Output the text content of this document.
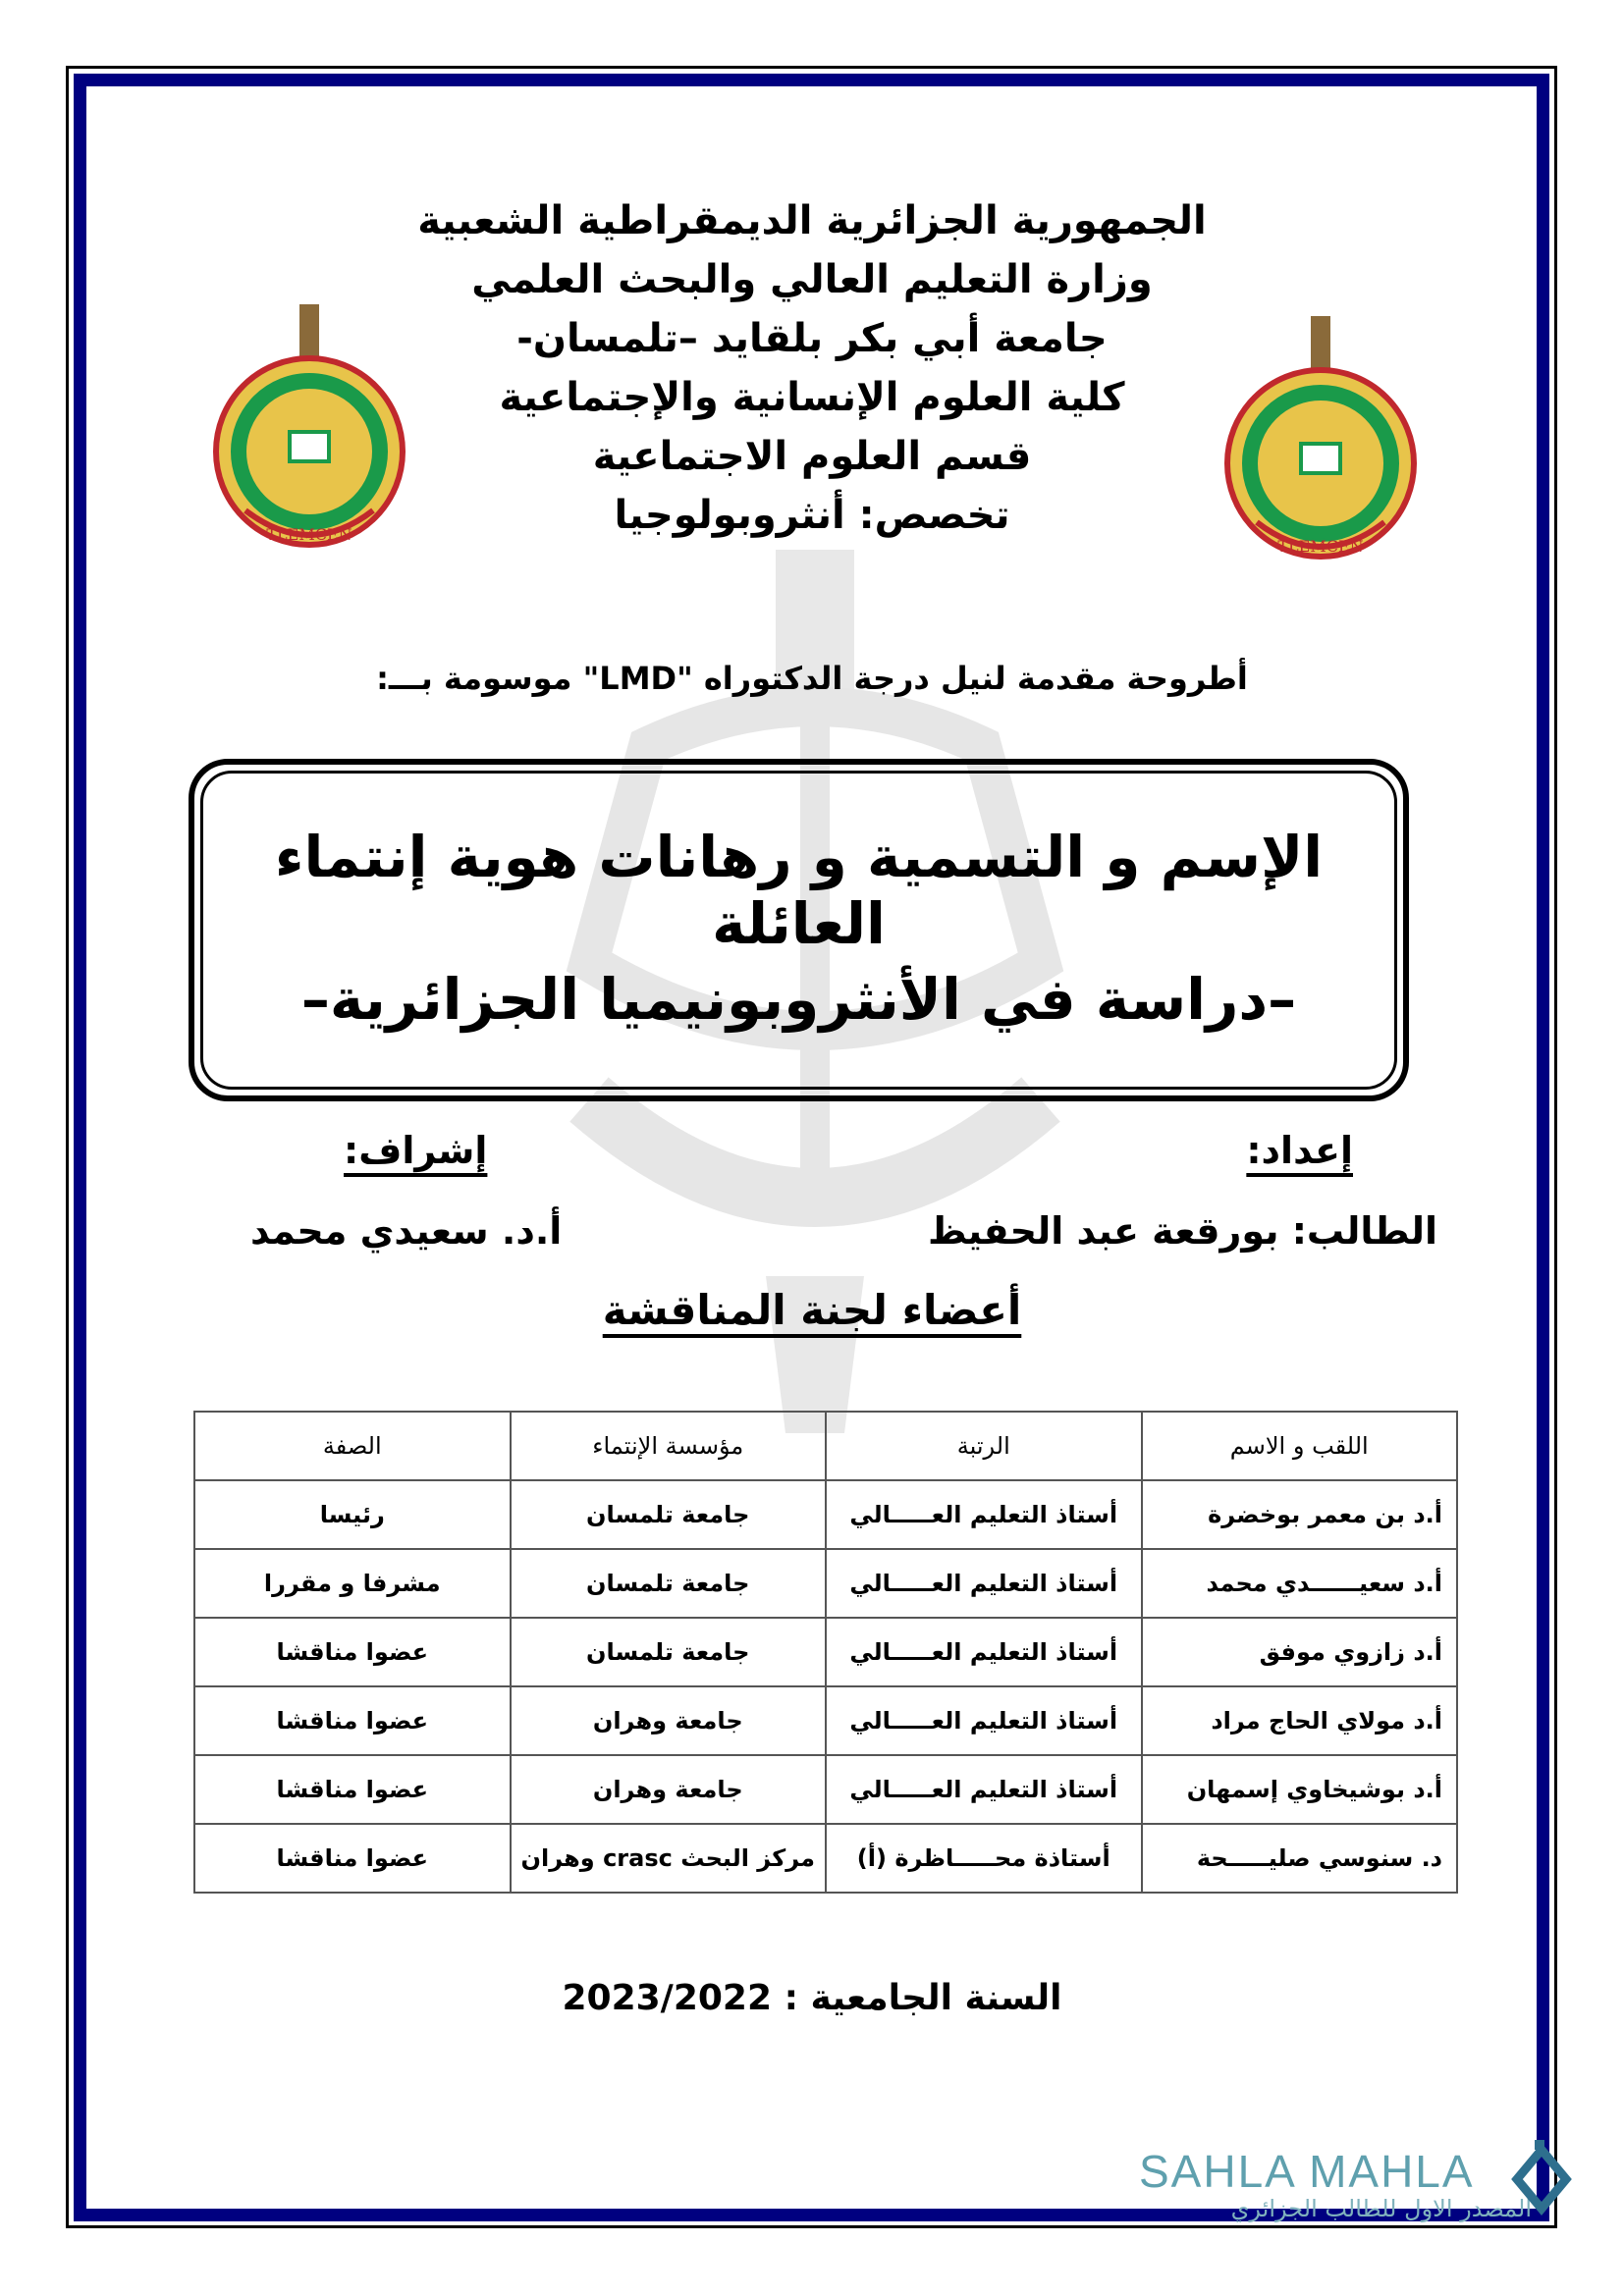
TLEMCEN
TLEMCEN
الجمهورية الجزائرية الديمقراطية الشعبية
وزارة التعليم العالي والبحث العلمي
جامعة أبي بكر بلقايد –تلمسان-
كلية العلوم الإنسانية والإجتماعية
قسم العلوم الاجتماعية
تخصص: أنثروبولوجيا
أطروحة مقدمة لنيل درجة الدكتوراه "LMD" موسومة بـــ:
الإسم و التسمية و رهانات هوية إنتماء العائلة
–دراسة في الأنثروبونيميا الجزائرية–
إعداد:
إشراف:
الطالب: بورقعة عبد الحفيظ
أ.د. سعيدي محمد
أعضاء لجنة المناقشة
اللقب و الاسم	الرتبة	مؤسسة الإنتماء	الصفة
أ.د بن معمر بوخضرة	أستاذ التعليم العـــــالي	جامعة تلمسان	رئيسا
أ.د سعيــــــدي محمد	أستاذ التعليم العـــــالي	جامعة تلمسان	مشرفا و مقررا
أ.د زازوي موفق	أستاذ التعليم العـــــالي	جامعة تلمسان	عضوا مناقشا
أ.د مولاي الحاج مراد	أستاذ التعليم العـــــالي	جامعة وهران	عضوا مناقشا
أ.د بوشيخاوي إسمهان	أستاذ التعليم العـــــالي	جامعة وهران	عضوا مناقشا
د. سنوسي صليـــــحة	أستاذة محـــــاظرة (أ)	مركز البحث crasc وهران	عضوا مناقشا
السنة الجامعية : 2023/2022
SAHLA MAHLA
المصدر الاول للطالب الجزائري
